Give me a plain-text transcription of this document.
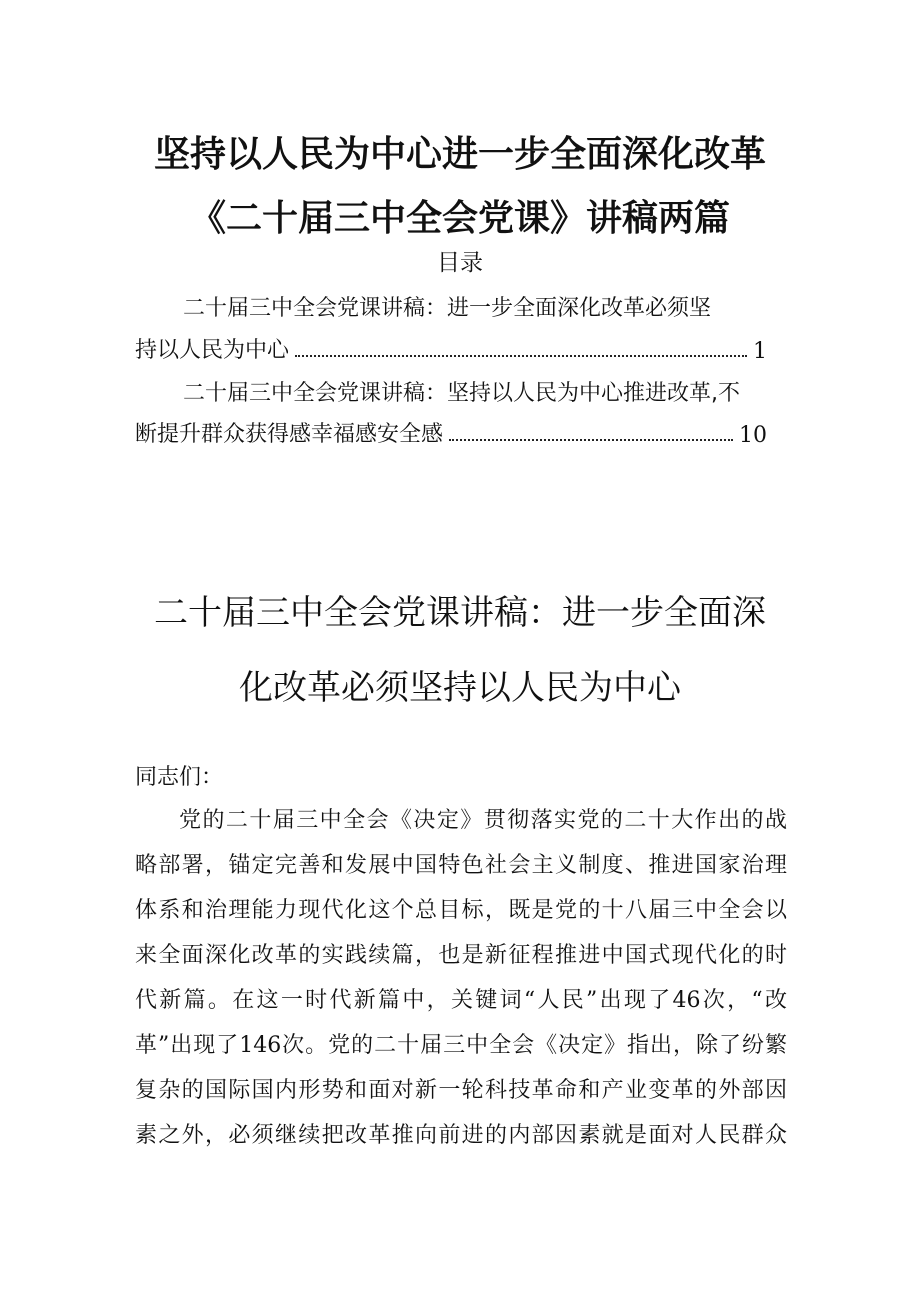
坚持以人民为中心进一步全面深化改革
《二十届三中全会党课》讲稿两篇
目录
二十届三中全会党课讲稿：进一步全面深化改革必须坚
持以人民为中心	1
二十届三中全会党课讲稿：坚持以人民为中心推进改革,不
断提升群众获得感幸福感安全感	10
二十届三中全会党课讲稿：进一步全面深
化改革必须坚持以人民为中心
同志们：
党的二十届三中全会《决定》贯彻落实党的二十大作出的战
略部署，锚定完善和发展中国特色社会主义制度、推进国家治理
体系和治理能力现代化这个总目标，既是党的十八届三中全会以
来全面深化改革的实践续篇，也是新征程推进中国式现代化的时
代新篇。在这一时代新篇中，关键词“人民”出现了46次，“改
革”出现了146次。党的二十届三中全会《决定》指出，除了纷繁
复杂的国际国内形势和面对新一轮科技革命和产业变革的外部因
素之外，必须继续把改革推向前进的内部因素就是面对人民群众
